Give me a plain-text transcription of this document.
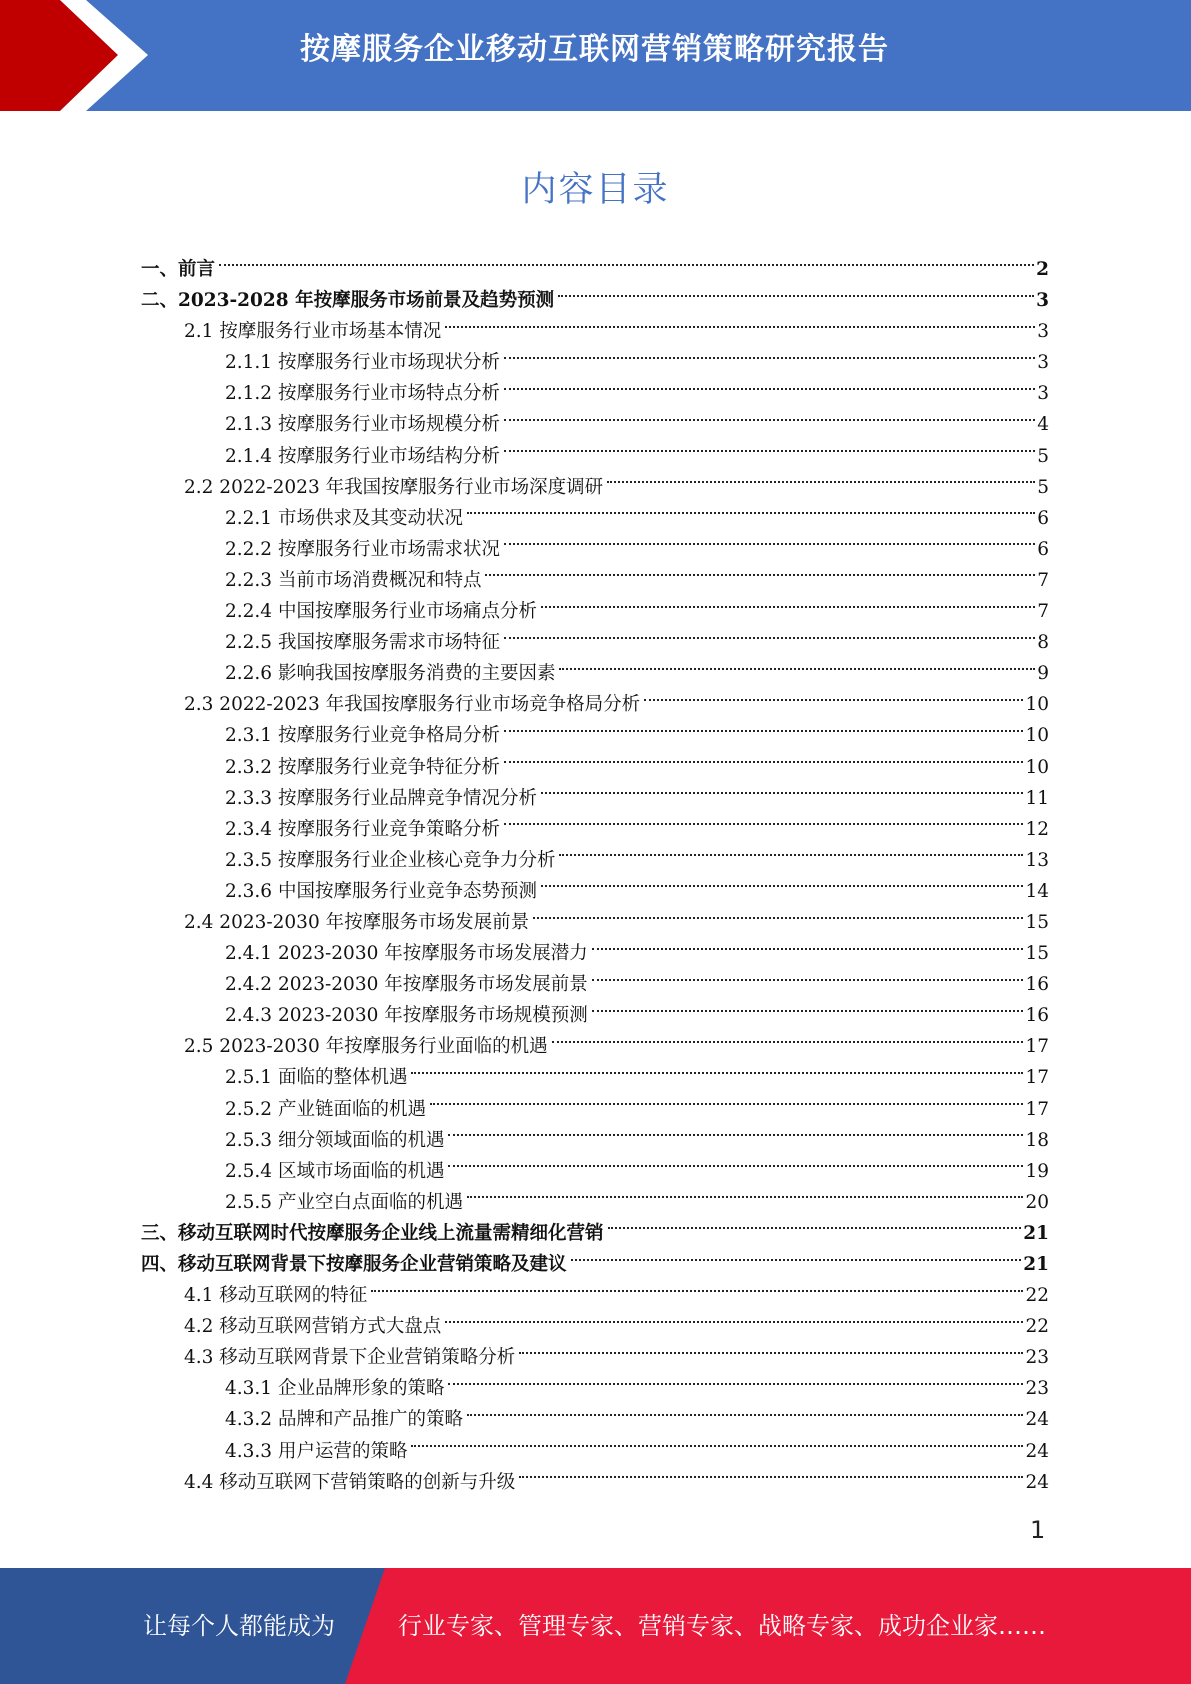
按摩服务企业移动互联网营销策略研究报告
内容目录
一、前言	2
二、2023-2028 年按摩服务市场前景及趋势预测	3
2.1 按摩服务行业市场基本情况	3
2.1.1 按摩服务行业市场现状分析	3
2.1.2 按摩服务行业市场特点分析	3
2.1.3 按摩服务行业市场规模分析	4
2.1.4 按摩服务行业市场结构分析	5
2.2 2022-2023 年我国按摩服务行业市场深度调研	5
2.2.1 市场供求及其变动状况	6
2.2.2 按摩服务行业市场需求状况	6
2.2.3 当前市场消费概况和特点	7
2.2.4 中国按摩服务行业市场痛点分析	7
2.2.5 我国按摩服务需求市场特征	8
2.2.6 影响我国按摩服务消费的主要因素	9
2.3 2022-2023 年我国按摩服务行业市场竞争格局分析	10
2.3.1 按摩服务行业竞争格局分析	10
2.3.2 按摩服务行业竞争特征分析	10
2.3.3 按摩服务行业品牌竞争情况分析	11
2.3.4 按摩服务行业竞争策略分析	12
2.3.5 按摩服务行业企业核心竞争力分析	13
2.3.6 中国按摩服务行业竞争态势预测	14
2.4 2023-2030 年按摩服务市场发展前景	15
2.4.1 2023-2030 年按摩服务市场发展潜力	15
2.4.2 2023-2030 年按摩服务市场发展前景	16
2.4.3 2023-2030 年按摩服务市场规模预测	16
2.5 2023-2030 年按摩服务行业面临的机遇	17
2.5.1 面临的整体机遇	17
2.5.2 产业链面临的机遇	17
2.5.3 细分领域面临的机遇	18
2.5.4 区域市场面临的机遇	19
2.5.5 产业空白点面临的机遇	20
三、移动互联网时代按摩服务企业线上流量需精细化营销	21
四、移动互联网背景下按摩服务企业营销策略及建议	21
4.1 移动互联网的特征	22
4.2 移动互联网营销方式大盘点	22
4.3 移动互联网背景下企业营销策略分析	23
4.3.1 企业品牌形象的策略	23
4.3.2 品牌和产品推广的策略	24
4.3.3 用户运营的策略	24
4.4 移动互联网下营销策略的创新与升级	24
1
让每个人都能成为	行业专家、管理专家、营销专家、战略专家、成功企业家……
